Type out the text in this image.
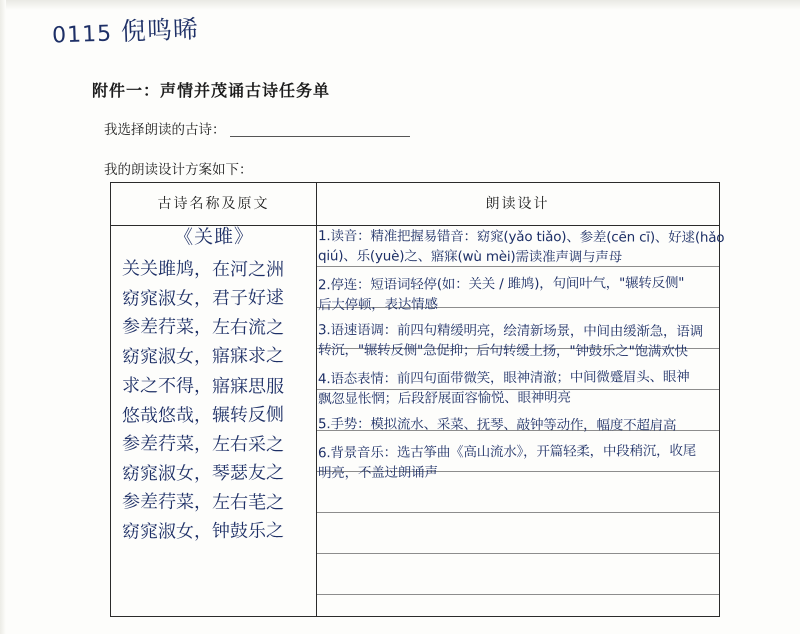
0115 倪鸣晞
附件一：声情并茂诵古诗任务单
我选择朗读的古诗：
我的朗读设计方案如下：
古诗名称及原文	朗读设计
《关雎》
关关雎鸠，在河之洲
窈窕淑女，君子好逑
参差荇菜，左右流之
窈窕淑女，寤寐求之
求之不得，寤寐思服
悠哉悠哉，辗转反侧
参差荇菜，左右采之
窈窕淑女，琴瑟友之
参差荇菜，左右芼之
窈窕淑女，钟鼓乐之
1.读音：精准把握易错音：窈窕(yǎo tiǎo)、参差(cēn cī)、好逑(hǎo
qiú)、乐(yuè)之、寤寐(wù mèi)需读准声调与声母
2.停连：短语词轻停(如：关关 / 雎鸠)，句间叶气，"辗转反侧"
后大停顿，表达情感
3.语速语调：前四句精缓明亮，绘清新场景，中间由缓渐急，语调
转沉，"辗转反侧"急促抑；后句转缓上扬，"钟鼓乐之"饱满欢快
4.语态表情：前四句面带微笑，眼神清澈；中间微蹙眉头、眼神
飘忽显怅惘；后段舒展面容愉悦、眼神明亮
5.手势：模拟流水、采菜、抚琴、敲钟等动作，幅度不超肩高
6.背景音乐：选古筝曲《高山流水》，开篇轻柔，中段稍沉，收尾
明亮，不盖过朗诵声
